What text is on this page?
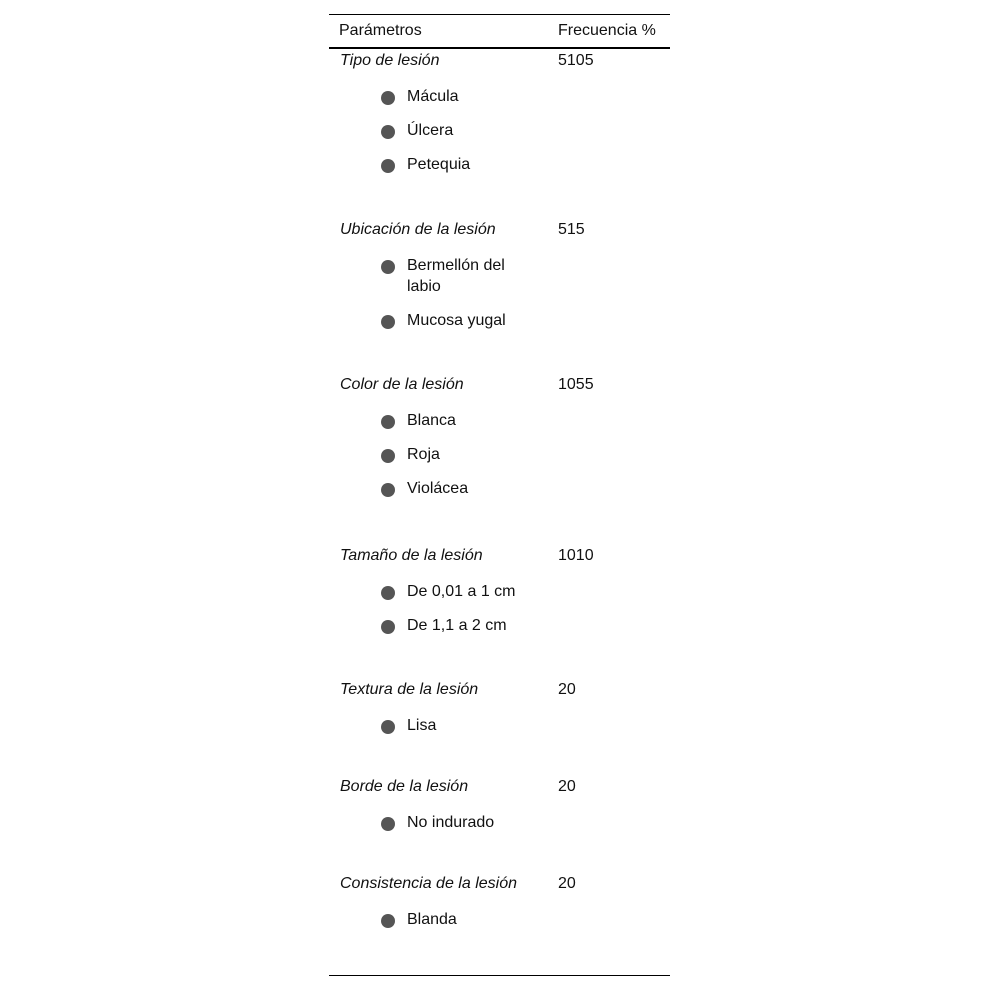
Parámetros	Frecuencia %
Tipo de lesión
Mácula
Úlcera
Petequia
5105
Ubicación de la lesión
Bermellón del labio
Mucosa yugal
515
Color de la lesión
Blanca
Roja
Violácea
1055
Tamaño de la lesión
De 0,01 a 1 cm
De 1,1 a 2 cm
1010
Textura de la lesión
Lisa
20
Borde de la lesión
No indurado
20
Consistencia de la lesión
Blanda
20
